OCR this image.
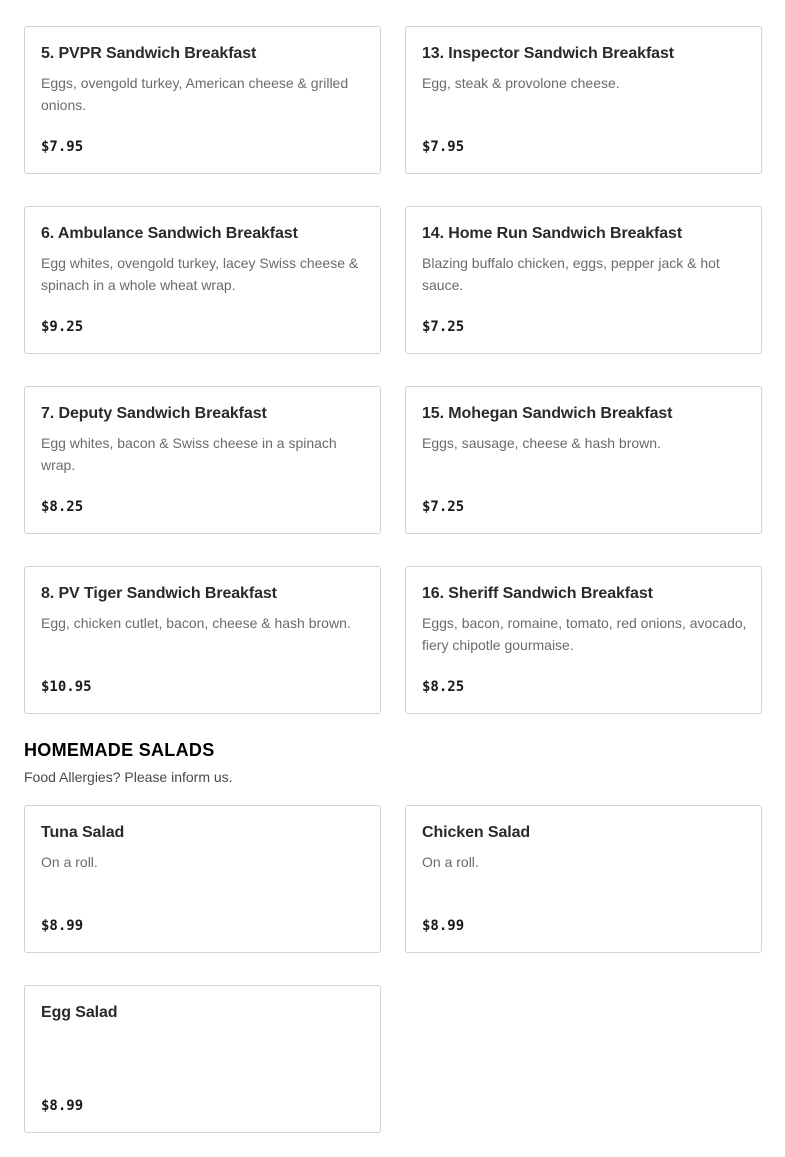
5. PVPR Sandwich Breakfast
Eggs, ovengold turkey, American cheese & grilled onions.
$7.95
13. Inspector Sandwich Breakfast
Egg, steak & provolone cheese.
$7.95
6. Ambulance Sandwich Breakfast
Egg whites, ovengold turkey, lacey Swiss cheese & spinach in a whole wheat wrap.
$9.25
14. Home Run Sandwich Breakfast
Blazing buffalo chicken, eggs, pepper jack & hot sauce.
$7.25
7. Deputy Sandwich Breakfast
Egg whites, bacon & Swiss cheese in a spinach wrap.
$8.25
15. Mohegan Sandwich Breakfast
Eggs, sausage, cheese & hash brown.
$7.25
8. PV Tiger Sandwich Breakfast
Egg, chicken cutlet, bacon, cheese & hash brown.
$10.95
16. Sheriff Sandwich Breakfast
Eggs, bacon, romaine, tomato, red onions, avocado, fiery chipotle gourmaise.
$8.25
HOMEMADE SALADS
Food Allergies? Please inform us.
Tuna Salad
On a roll.
$8.99
Chicken Salad
On a roll.
$8.99
Egg Salad
$8.99
